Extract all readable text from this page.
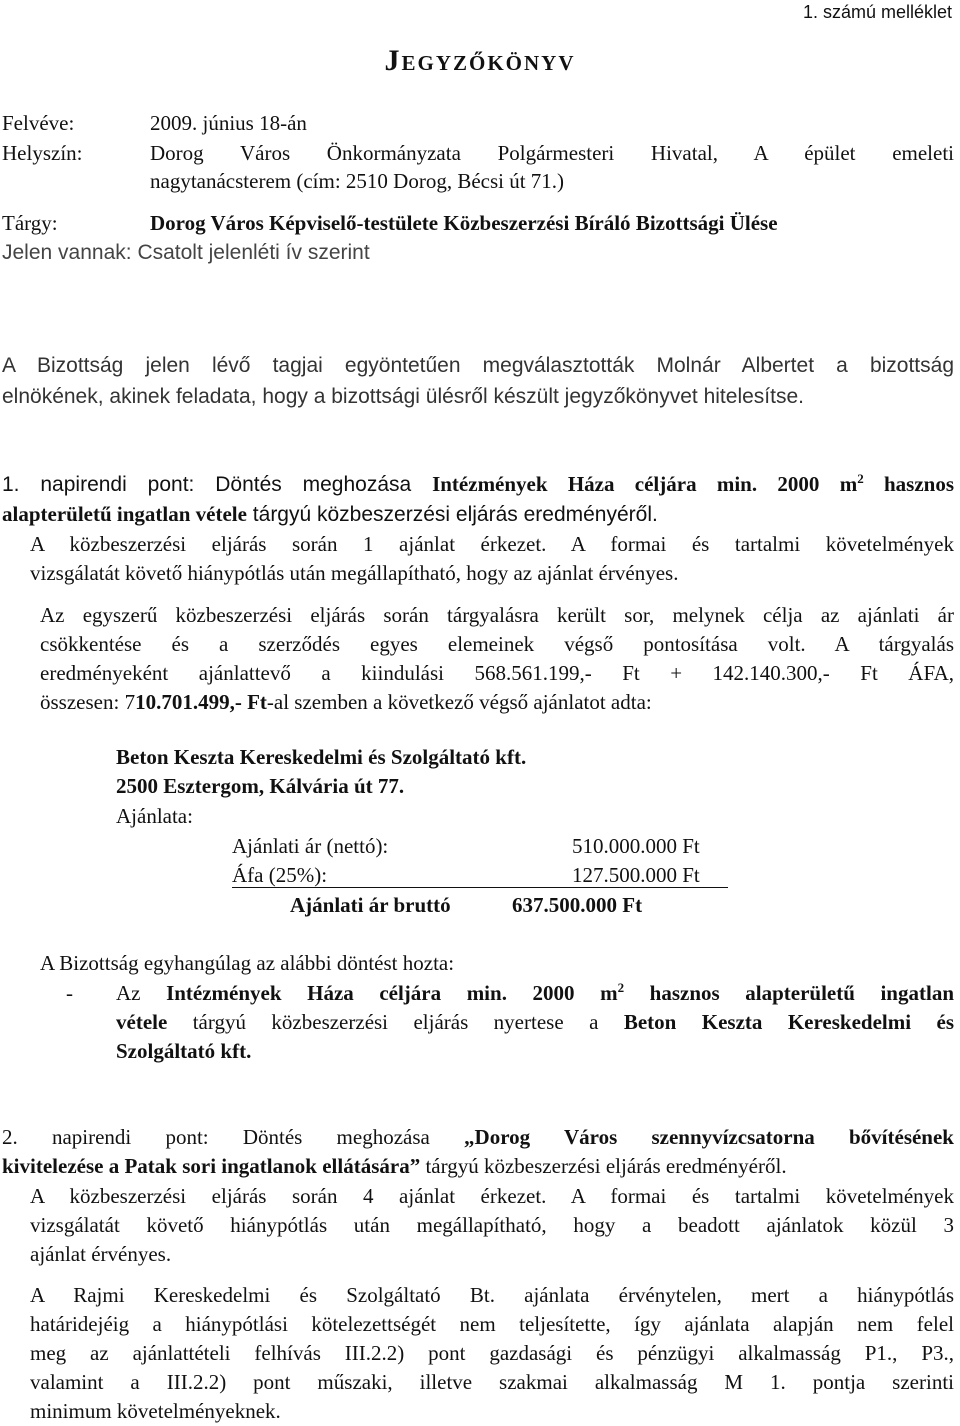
1. számú melléklet
Jegyzőkönyv
Felvéve:	2009. június 18-án
Helyszín:	Dorog Város Önkormányzata Polgármesteri Hivatal, A épület emeleti
nagytanácsterem (cím: 2510 Dorog, Bécsi út 71.)
Tárgy:	Dorog Város Képviselő-testülete Közbeszerzési Bíráló Bizottsági Ülése
Jelen vannak: Csatolt jelenléti ív szerint
A Bizottság jelen lévő tagjai egyöntetűen megválasztották Molnár Albertet a bizottság
elnökének, akinek feladata, hogy a bizottsági ülésről készült jegyzőkönyvet hitelesítse.
1. napirendi pont: Döntés meghozása Intézmények Háza céljára min. 2000 $m^2$ hasznos
alapterületű ingatlan vétele tárgyú közbeszerzési eljárás eredményéről.
A közbeszerzési eljárás során 1 ajánlat érkezet. A formai és tartalmi követelmények
vizsgálatát követő hiánypótlás után megállapítható, hogy az ajánlat érvényes.
Az egyszerű közbeszerzési eljárás során tárgyalásra került sor, melynek célja az ajánlati ár
csökkentése és a szerződés egyes elemeinek végső pontosítása volt. A tárgyalás
eredményeként ajánlattevő a kiindulási 568.561.199,- Ft + 142.140.300,- Ft ÁFA,
összesen: 710.701.499,- Ft-al szemben a következő végső ajánlatot adta:
Beton Keszta Kereskedelmi és Szolgáltató kft.
2500 Esztergom, Kálvária út 77.
Ajánlata:
Ajánlati ár (nettó):	510.000.000 Ft
Áfa (25%):	127.500.000 Ft
Ajánlati ár bruttó	637.500.000 Ft
A Bizottság egyhangúlag az alábbi döntést hozta:
- Az Intézmények Háza céljára min. 2000 $m^2$ hasznos alapterületű ingatlan
vétele tárgyú közbeszerzési eljárás nyertese a Beton Keszta Kereskedelmi és
Szolgáltató kft.
2. napirendi pont: Döntés meghozása „Dorog Város szennyvízcsatorna bővítésének
kivitelezése a Patak sori ingatlanok ellátására” tárgyú közbeszerzési eljárás eredményéről.
A közbeszerzési eljárás során 4 ajánlat érkezet. A formai és tartalmi követelmények
vizsgálatát követő hiánypótlás után megállapítható, hogy a beadott ajánlatok közül 3
ajánlat érvényes.
A Rajmi Kereskedelmi és Szolgáltató Bt. ajánlata érvénytelen, mert a hiánypótlás
határidejéig a hiánypótlási kötelezettségét nem teljesítette, így ajánlata alapján nem felel
meg az ajánlattételi felhívás III.2.2) pont gazdasági és pénzügyi alkalmasság P1., P3.,
valamint a III.2.2) pont műszaki, illetve szakmai alkalmasság M 1. pontja szerinti
minimum követelményeknek.
